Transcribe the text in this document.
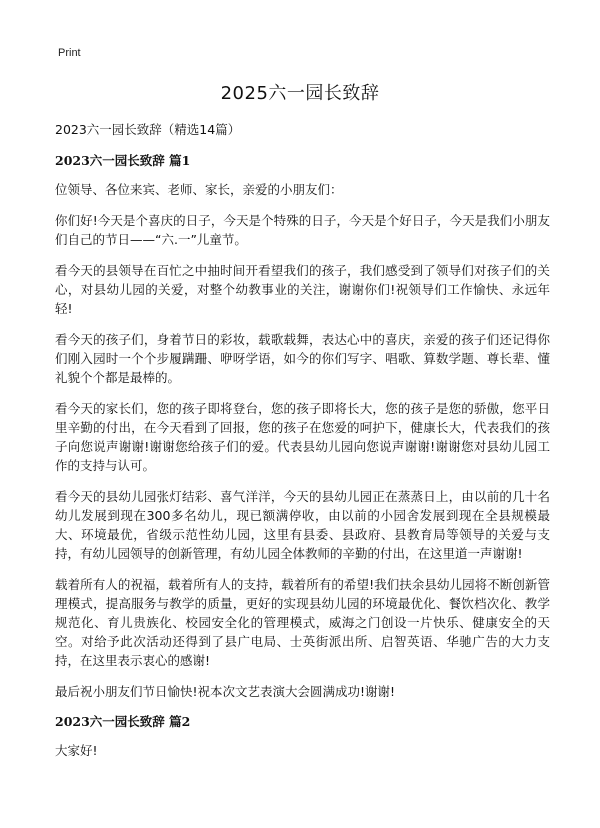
Print
2025六一园长致辞
2023六一园长致辞（精选14篇）
2023六一园长致辞 篇1

位领导、各位来宾、老师、家长，亲爱的小朋友们：

你们好!今天是个喜庆的日子，今天是个特殊的日子，今天是个好日子，今天是我们小朋友们自己的节日——“六.一”儿童节。

看今天的县领导在百忙之中抽时间开看望我们的孩子，我们感受到了领导们对孩子们的关心，对县幼儿园的关爱，对整个幼教事业的关注，谢谢你们!祝领导们工作愉快、永远年轻!

看今天的孩子们，身着节日的彩妆，载歌载舞，表达心中的喜庆，亲爱的孩子们还记得你们刚入园时一个个步履蹒跚、咿呀学语，如今的你们写字、唱歌、算数学题、尊长辈、懂礼貌个个都是最棒的。

看今天的家长们，您的孩子即将登台，您的孩子即将长大，您的孩子是您的骄傲，您平日里辛勤的付出，在今天看到了回报，您的孩子在您爱的呵护下，健康长大，代表我们的孩子向您说声谢谢!谢谢您给孩子们的爱。代表县幼儿园向您说声谢谢!谢谢您对县幼儿园工作的支持与认可。

看今天的县幼儿园张灯结彩、喜气洋洋，今天的县幼儿园正在蒸蒸日上，由以前的几十名幼儿发展到现在300多名幼儿，现已额满停收，由以前的小园舍发展到现在全县规模最大、环境最优，省级示范性幼儿园，这里有县委、县政府、县教育局等领导的关爱与支持，有幼儿园领导的创新管理，有幼儿园全体教师的辛勤的付出，在这里道一声谢谢!

载着所有人的祝福，载着所有人的支持，载着所有的希望!我们扶余县幼儿园将不断创新管理模式，提高服务与教学的质量，更好的实现县幼儿园的环境最优化、餐饮档次化、教学规范化、育儿贵族化、校园安全化的管理模式，威海之门创设一片快乐、健康安全的天空。对给予此次活动还得到了县广电局、士英街派出所、启智英语、华驰广告的大力支持，在这里表示衷心的感谢!

最后祝小朋友们节日愉快!祝本次文艺表演大会圆满成功!谢谢!

2023六一园长致辞 篇2

大家好!
